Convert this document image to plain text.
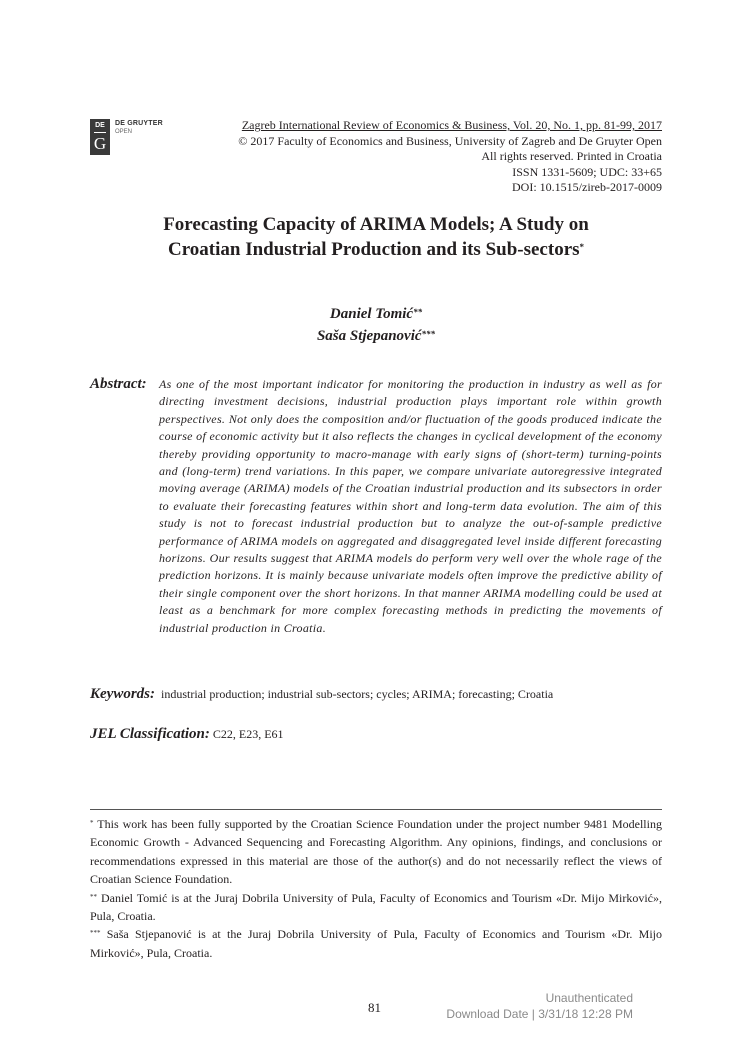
DE
G
DE GRUYTER
OPEN	Zagreb International Review of Economics & Business, Vol. 20, No. 1, pp. 81-99, 2017
© 2017 Faculty of Economics and Business, University of Zagreb and De Gruyter Open
All rights reserved. Printed in Croatia
ISSN 1331-5609; UDC: 33+65
DOI: 10.1515/zireb-2017-0009
Forecasting Capacity of ARIMA Models; A Study on
Croatian Industrial Production and its Sub-sectors*
Daniel Tomić**
Saša Stjepanović***
Abstract: As one of the most important indicator for monitoring the production in industry as well as for directing investment decisions, industrial production plays important role within growth perspectives. Not only does the composition and/or fluctuation of the goods produced indicate the course of economic activity but it also reflects the changes in cyclical development of the economy thereby providing opportunity to macro-manage with early signs of (short-term) turning-points and (long-term) trend variations. In this paper, we compare univariate autoregressive integrated moving average (ARIMA) models of the Croatian industrial production and its subsectors in order to evaluate their forecasting features within short and long-term data evolution. The aim of this study is not to forecast industrial production but to analyze the out-of-sample predictive performance of ARIMA models on aggregated and disaggregated level inside different forecasting horizons. Our results suggest that ARIMA models do perform very well over the whole rage of the prediction horizons. It is mainly because univariate models often improve the predictive ability of their single component over the short horizons. In that manner ARIMA modelling could be used at least as a benchmark for more complex forecasting methods in predicting the movements of industrial production in Croatia.
Keywords: industrial production; industrial sub-sectors; cycles; ARIMA; forecasting; Croatia
JEL Classification: C22, E23, E61

* This work has been fully supported by the Croatian Science Foundation under the project number 9481 Modelling Economic Growth - Advanced Sequencing and Forecasting Algorithm. Any opinions, findings, and conclusions or recommendations expressed in this material are those of the author(s) and do not necessarily reflect the views of Croatian Science Foundation.

** Daniel Tomić is at the Juraj Dobrila University of Pula, Faculty of Economics and Tourism «Dr. Mijo Mirković», Pula, Croatia.

*** Saša Stjepanović is at the Juraj Dobrila University of Pula, Faculty of Economics and Tourism «Dr. Mijo Mirković», Pula, Croatia.

81
Unauthenticated
Download Date | 3/31/18 12:28 PM
